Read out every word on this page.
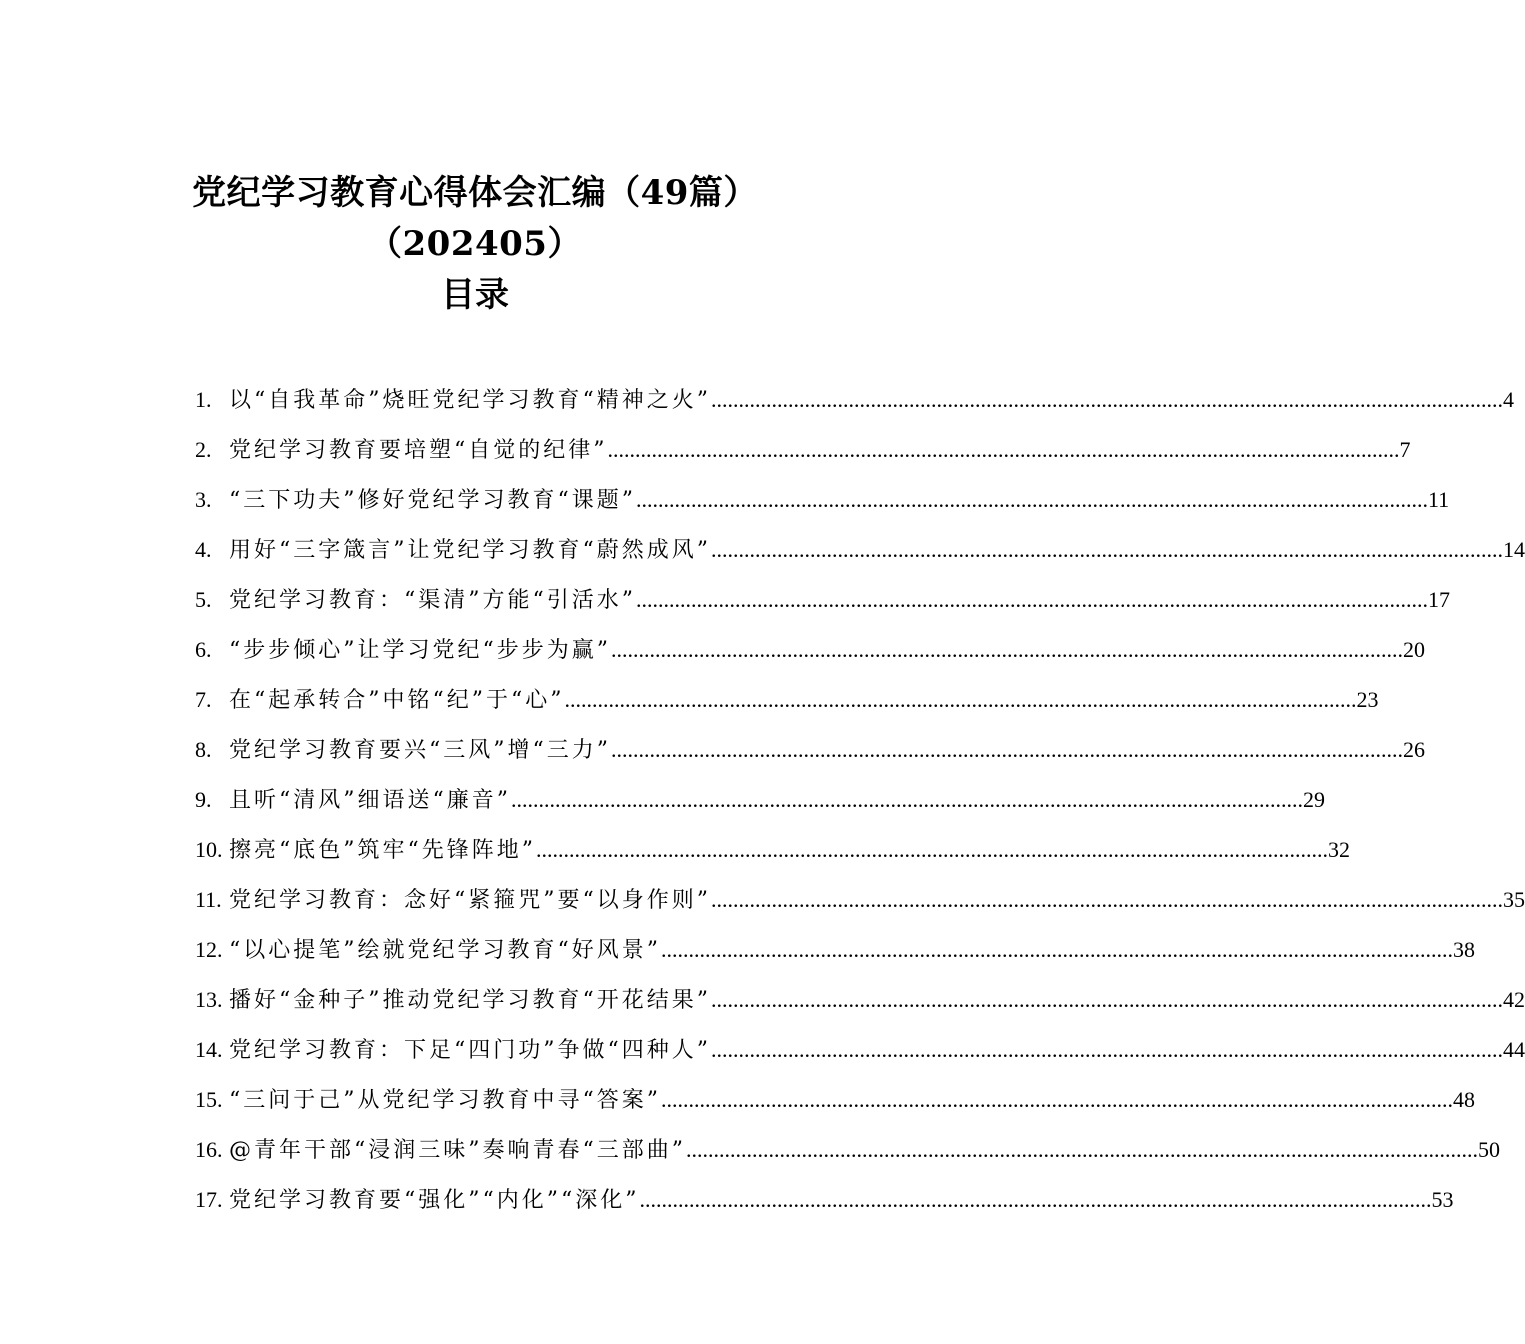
党纪学习教育心得体会汇编（49篇）（202405）
目录
1. 以“自我革命”烧旺党纪学习教育“精神之火” .....	4
2. 党纪学习教育要培塑“自觉的纪律” .....	7
3. “三下功夫”修好党纪学习教育“课题” .....	11
4. 用好“三字箴言”让党纪学习教育“蔚然成风” .....	14
5. 党纪学习教育：“渠清”方能“引活水” .....	17
6. “步步倾心”让学习党纪“步步为赢” .....	20
7. 在“起承转合”中铭“纪”于“心” .....	23
8. 党纪学习教育要兴“三风”增“三力” .....	26
9. 且听“清风”细语送“廉音” .....	29
10. 擦亮“底色”筑牢“先锋阵地” .....	32
11. 党纪学习教育：念好“紧箍咒”要“以身作则” .....	35
12. “以心提笔”绘就党纪学习教育“好风景” .....	38
13. 播好“金种子”推动党纪学习教育“开花结果” .....	42
14. 党纪学习教育：下足“四门功”争做“四种人” .....	44
15. “三问于己”从党纪学习教育中寻“答案” .....	48
16. @青年干部“浸润三味”奏响青春“三部曲” .....	50
17. 党纪学习教育要“强化”“内化”“深化” .....	53
